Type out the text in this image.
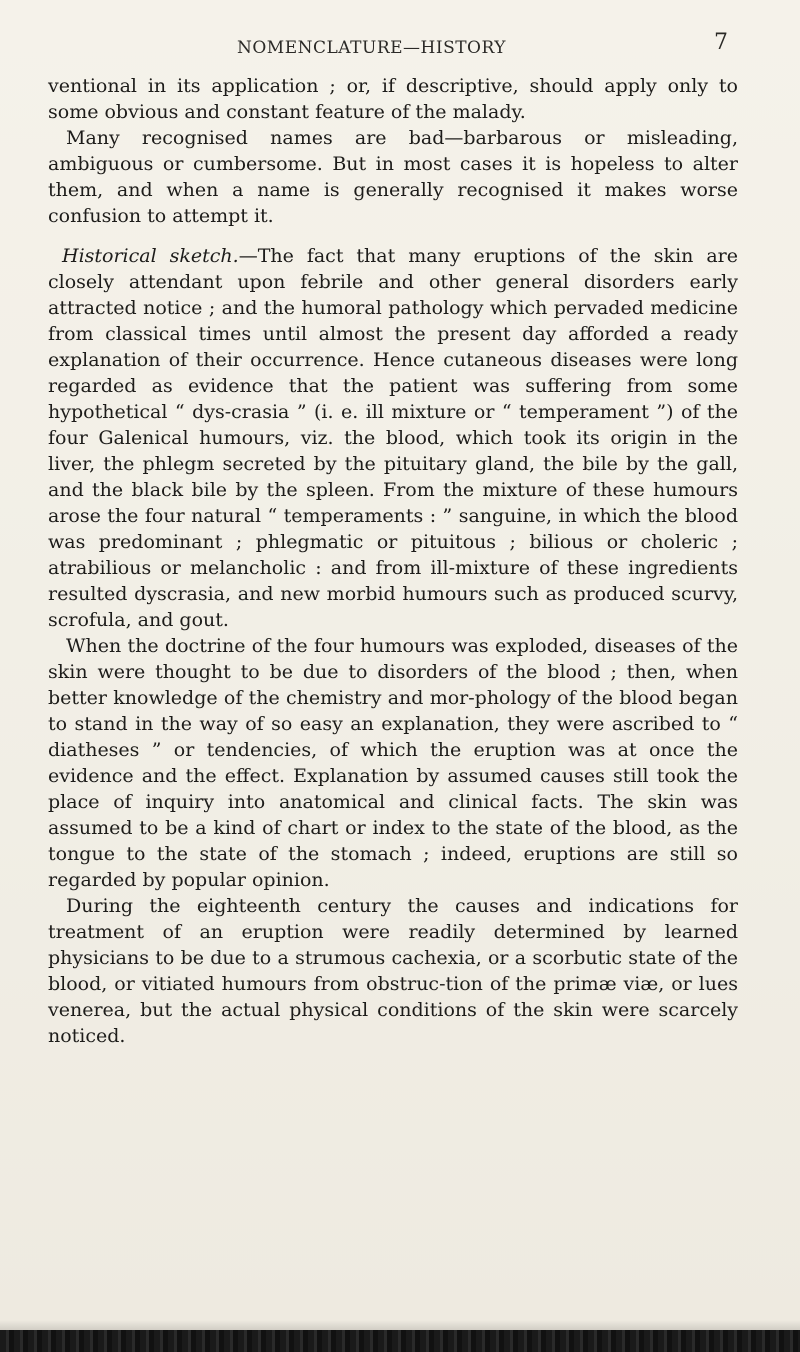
NOMENCLATURE—HISTORY	7

ventional in its application ; or, if descriptive, should apply only to some obvious and constant feature of the malady.

Many recognised names are bad—barbarous or misleading, ambiguous or cumbersome. But in most cases it is hopeless to alter them, and when a name is generally recognised it makes worse confusion to attempt it.

Historical sketch.—The fact that many eruptions of the skin are closely attendant upon febrile and other general disorders early attracted notice ; and the humoral pathology which pervaded medicine from classical times until almost the present day afforded a ready explanation of their occurrence. Hence cutaneous diseases were long regarded as evidence that the patient was suffering from some hypothetical “ dys-crasia ” (i. e. ill mixture or “ temperament ”) of the four Galenical humours, viz. the blood, which took its origin in the liver, the phlegm secreted by the pituitary gland, the bile by the gall, and the black bile by the spleen. From the mixture of these humours arose the four natural “ temperaments : ” sanguine, in which the blood was predominant ; phlegmatic or pituitous ; bilious or choleric ; atrabilious or melancholic : and from ill-mixture of these ingredients resulted dyscrasia, and new morbid humours such as produced scurvy, scrofula, and gout.

When the doctrine of the four humours was exploded, diseases of the skin were thought to be due to disorders of the blood ; then, when better knowledge of the chemistry and mor-phology of the blood began to stand in the way of so easy an explanation, they were ascribed to “ diatheses ” or tendencies, of which the eruption was at once the evidence and the effect. Explanation by assumed causes still took the place of inquiry into anatomical and clinical facts. The skin was assumed to be a kind of chart or index to the state of the blood, as the tongue to the state of the stomach ; indeed, eruptions are still so regarded by popular opinion.

During the eighteenth century the causes and indications for treatment of an eruption were readily determined by learned physicians to be due to a strumous cachexia, or a scorbutic state of the blood, or vitiated humours from obstruc-tion of the primæ viæ, or lues venerea, but the actual physical conditions of the skin were scarcely noticed.
